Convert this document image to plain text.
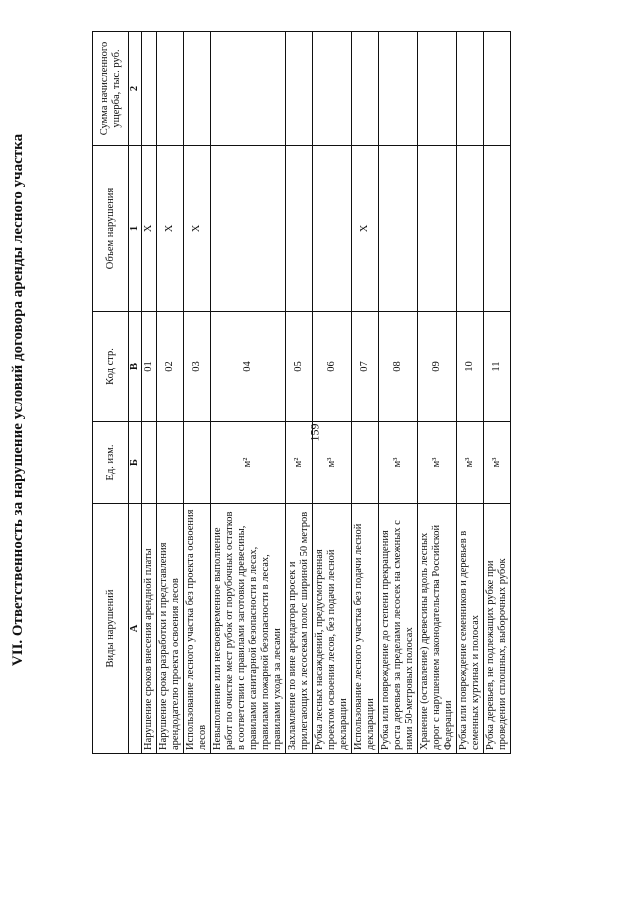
159
VII. Ответственность за нарушение условий договора аренды лесного участка	Виды нарушений	Ед. изм.	Код стр.	Объем нарушения	Сумма начисленного ущерба, тыс. руб.
А	Б	В	1	2
Нарушение сроков внесения арендной платы		01	X	
Нарушение срока разработки и представления арендодателю проекта освоения лесов		02	X	
Использование лесного участка без проекта освоения лесов		03	X	
Невыполнение или несвоевременное выполнение работ по очистке мест рубок от порубочных остатков в соответствии с правилами заготовки древесины, правилами санитарной безопасности в лесах, правилами пожарной безопасности в лесах, правилами ухода за лесами	м²	04		
Захламление по вине арендатора просек и прилегающих к лесосекам полос шириной 50 метров	м²	05		
Рубка лесных насаждений, предусмотренная проектом освоения лесов, без подачи лесной декларации	м³	06		
Использование лесного участка без подачи лесной декларации		07	X	
Рубка или повреждение до степени прекращения роста деревьев за пределами лесосек на смежных с ними 50-метровых полосах	м³	08		
Хранение (оставление) древесины вдоль лесных дорог с нарушением законодательства Российской Федерации	м³	09		
Рубка или повреждение семенников и деревьев в семенных куртинах и полосах	м³	10		
Рубка деревьев, не подлежащих рубке при проведении сплошных, выборочных рубок	м³	11		
